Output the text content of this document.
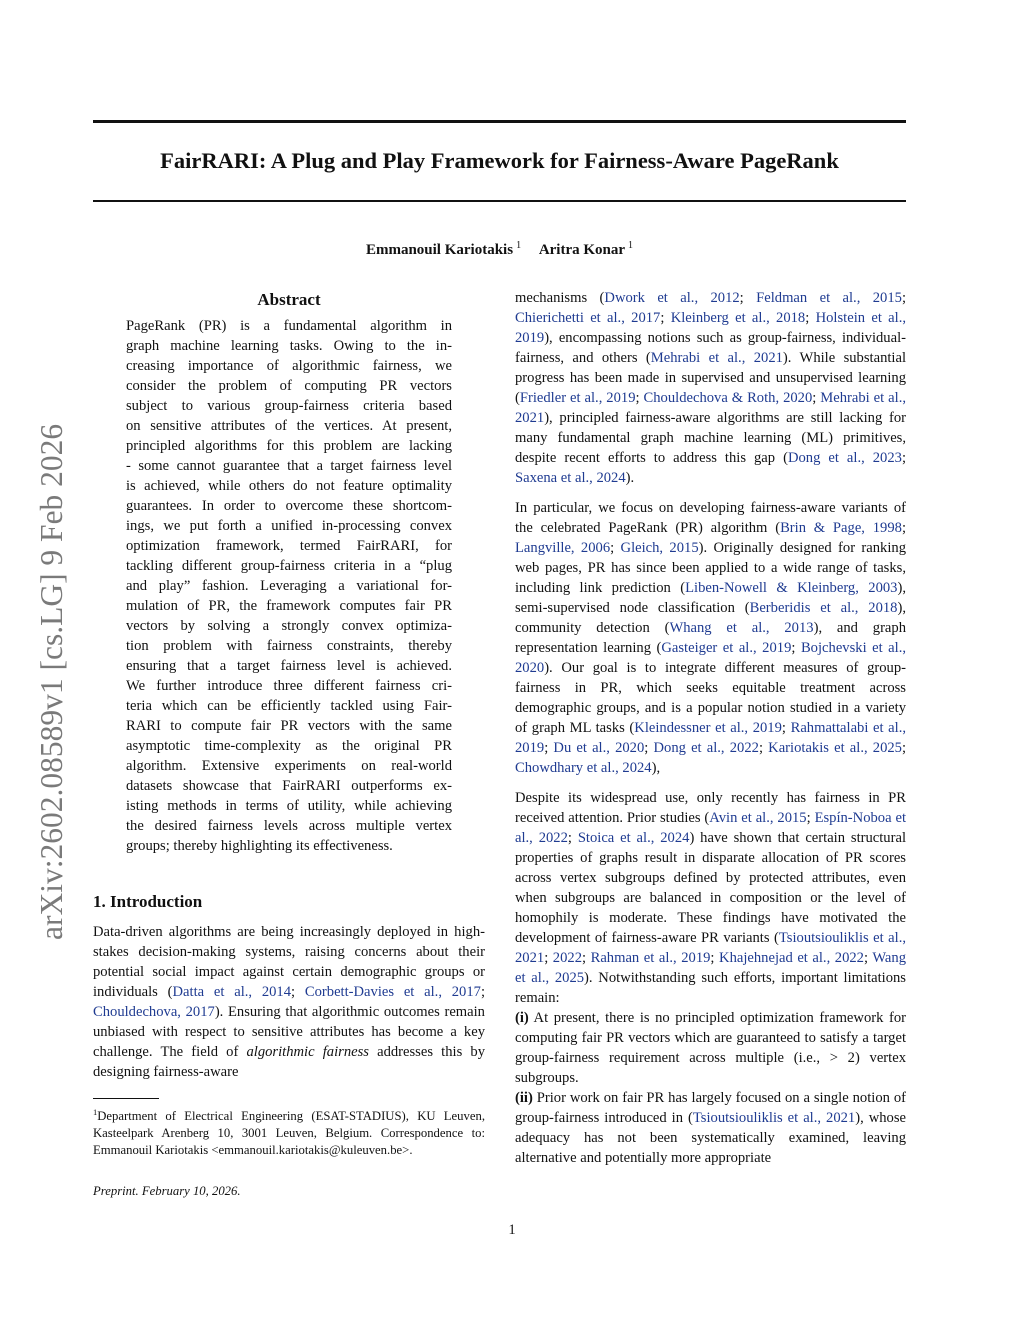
FairRARI: A Plug and Play Framework for Fairness-Aware PageRank
Emmanouil Kariotakis $^1$ Aritra Konar $^1$
arXiv:2602.08589v1 [cs.LG] 9 Feb 2026
Abstract
PageRank (PR) is a fundamental algorithm in
graph machine learning tasks. Owing to the in-
creasing importance of algorithmic fairness, we
consider the problem of computing PR vectors
subject to various group-fairness criteria based
on sensitive attributes of the vertices. At present,
principled algorithms for this problem are lacking
- some cannot guarantee that a target fairness level
is achieved, while others do not feature optimality
guarantees. In order to overcome these shortcom-
ings, we put forth a unified in-processing convex
optimization framework, termed FairRARI, for
tackling different group-fairness criteria in a “plug
and play” fashion. Leveraging a variational for-
mulation of PR, the framework computes fair PR
vectors by solving a strongly convex optimiza-
tion problem with fairness constraints, thereby
ensuring that a target fairness level is achieved.
We further introduce three different fairness cri-
teria which can be efficiently tackled using Fair-
RARI to compute fair PR vectors with the same
asymptotic time-complexity as the original PR
algorithm. Extensive experiments on real-world
datasets showcase that FairRARI outperforms ex-
isting methods in terms of utility, while achieving
the desired fairness levels across multiple vertex
groups; thereby highlighting its effectiveness.
1. Introduction
Data-driven algorithms are being increasingly deployed in high-stakes decision-making systems, raising concerns about their potential social impact against certain demographic groups or individuals (Datta et al., 2014; Corbett-Davies et al., 2017; Chouldechova, 2017). Ensuring that algorithmic outcomes remain unbiased with respect to sensitive attributes has become a key challenge. The field of algorithmic fairness addresses this by designing fairness-aware
$^1$Department of Electrical Engineering (ESAT-STADIUS), KU Leuven, Kasteelpark Arenberg 10, 3001 Leuven, Belgium. Correspondence to: Emmanouil Kariotakis <emmanouil.kariotakis@kuleuven.be>.
Preprint. February 10, 2026.
mechanisms (Dwork et al., 2012; Feldman et al., 2015; Chierichetti et al., 2017; Kleinberg et al., 2018; Holstein et al., 2019), encompassing notions such as group-fairness, individual-fairness, and others (Mehrabi et al., 2021). While substantial progress has been made in supervised and unsupervised learning (Friedler et al., 2019; Chouldechova & Roth, 2020; Mehrabi et al., 2021), principled fairness-aware algorithms are still lacking for many fundamental graph machine learning (ML) primitives, despite recent efforts to address this gap (Dong et al., 2023; Saxena et al., 2024).
In particular, we focus on developing fairness-aware variants of the celebrated PageRank (PR) algorithm (Brin & Page, 1998; Langville, 2006; Gleich, 2015). Originally designed for ranking web pages, PR has since been applied to a wide range of tasks, including link prediction (Liben-Nowell & Kleinberg, 2003), semi-supervised node classification (Berberidis et al., 2018), community detection (Whang et al., 2013), and graph representation learning (Gasteiger et al., 2019; Bojchevski et al., 2020). Our goal is to integrate different measures of group-fairness in PR, which seeks equitable treatment across demographic groups, and is a popular notion studied in a variety of graph ML tasks (Kleindessner et al., 2019; Rahmattalabi et al., 2019; Du et al., 2020; Dong et al., 2022; Kariotakis et al., 2025; Chowdhary et al., 2024),
Despite its widespread use, only recently has fairness in PR received attention. Prior studies (Avin et al., 2015; Espín-Noboa et al., 2022; Stoica et al., 2024) have shown that certain structural properties of graphs result in disparate allocation of PR scores across vertex subgroups defined by protected attributes, even when subgroups are balanced in composition or the level of homophily is moderate. These findings have motivated the development of fairness-aware PR variants (Tsioutsiouliklis et al., 2021; 2022; Rahman et al., 2019; Khajehnejad et al., 2022; Wang et al., 2025). Notwithstanding such efforts, important limitations remain:
(i) At present, there is no principled optimization framework for computing fair PR vectors which are guaranteed to satisfy a target group-fairness requirement across multiple (i.e., > 2) vertex subgroups.
(ii) Prior work on fair PR has largely focused on a single notion of group-fairness introduced in (Tsioutsiouliklis et al., 2021), whose adequacy has not been systematically examined, leaving alternative and potentially more appropriate
1
